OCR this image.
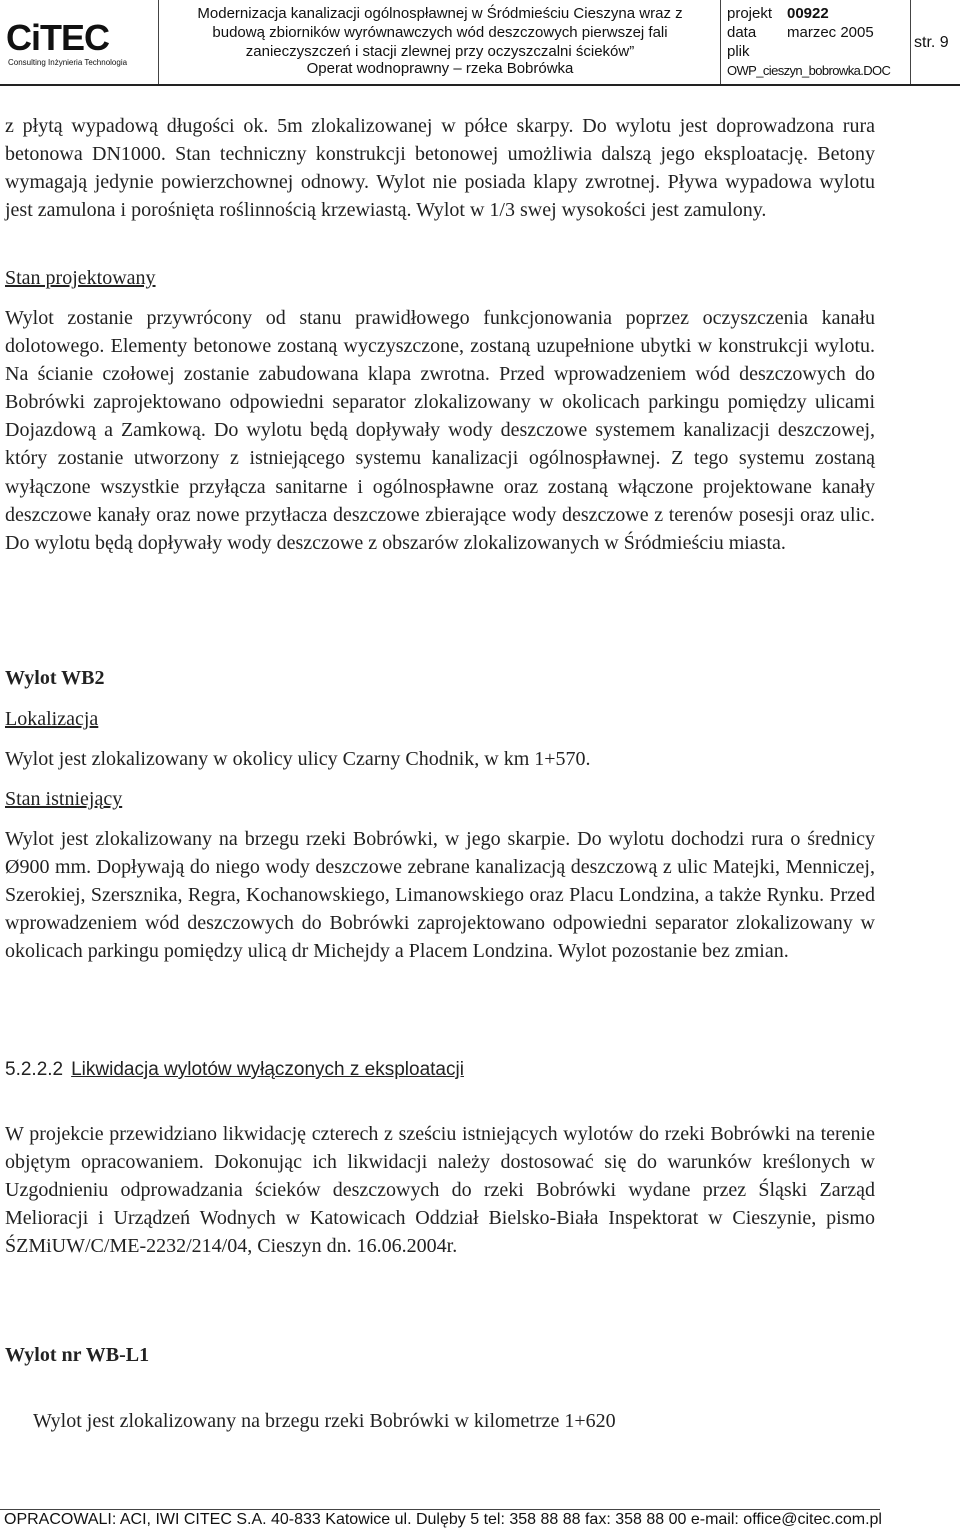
CiTEC
Consulting Inżynieria Technologia
Modernizacja kanalizacji ogólnospławnej w Śródmieściu Cieszyna wraz z budową zbiorników wyrównawczych wód deszczowych pierwszej fali zanieczyszczeń i stacji zlewnej przy oczyszczalni ścieków”
Operat wodnoprawny – rzeka Bobrówka
projekt 00922
data marzec 2005
plik
OWP_cieszyn_bobrowka.DOC
str. 9
z płytą wypadową długości ok. 5m zlokalizowanej w półce skarpy. Do wylotu jest doprowadzona rura betonowa DN1000. Stan techniczny konstrukcji betonowej umożliwia dalszą jego eksploatację. Betony wymagają jedynie powierzchownej odnowy. Wylot nie posiada klapy zwrotnej. Pływa wypadowa wylotu jest zamulona i porośnięta roślinnością krzewiastą. Wylot w 1/3 swej wysokości jest zamulony.
Stan projektowany
Wylot zostanie przywrócony od stanu prawidłowego funkcjonowania poprzez oczyszczenia kanału dolotowego. Elementy betonowe zostaną wyczyszczone, zostaną uzupełnione ubytki w konstrukcji wylotu. Na ścianie czołowej zostanie zabudowana klapa zwrotna. Przed wprowadzeniem wód deszczowych do Bobrówki zaprojektowano odpowiedni separator zlokalizowany w okolicach parkingu pomiędzy ulicami Dojazdową a Zamkową. Do wylotu będą dopływały wody deszczowe systemem kanalizacji deszczowej, który zostanie utworzony z istniejącego systemu kanalizacji ogólnospławnej. Z tego systemu zostaną wyłączone wszystkie przyłącza sanitarne i ogólnospławne oraz zostaną włączone projektowane kanały deszczowe kanały oraz nowe przytłacza deszczowe zbierające wody deszczowe z terenów posesji oraz ulic. Do wylotu będą dopływały wody deszczowe z obszarów zlokalizowanych w Śródmieściu miasta.
Wylot WB2
Lokalizacja
Wylot jest zlokalizowany w okolicy ulicy Czarny Chodnik, w km 1+570.
Stan istniejący
Wylot jest zlokalizowany na brzegu rzeki Bobrówki, w jego skarpie. Do wylotu dochodzi rura o średnicy Ø900 mm. Dopływają do niego wody deszczowe zebrane kanalizacją deszczową z ulic Matejki, Menniczej, Szerokiej, Szersznika, Regra, Kochanowskiego, Limanowskiego oraz Placu Londzina, a także Rynku. Przed wprowadzeniem wód deszczowych do Bobrówki zaprojektowano odpowiedni separator zlokalizowany w okolicach parkingu pomiędzy ulicą dr Michejdy a Placem Londzina. Wylot pozostanie bez zmian.
5.2.2.2 Likwidacja wylotów wyłączonych z eksploatacji
W projekcie przewidziano likwidację czterech z sześciu istniejących wylotów do rzeki Bobrówki na terenie objętym opracowaniem. Dokonując ich likwidacji należy dostosować się do warunków kreślonych w Uzgodnieniu odprowadzania ścieków deszczowych do rzeki Bobrówki wydane przez Śląski Zarząd Melioracji i Urządzeń Wodnych w Katowicach Oddział Bielsko-Biała Inspektorat w Cieszynie, pismo ŚZMiUW/C/ME-2232/214/04, Cieszyn dn. 16.06.2004r.
Wylot nr WB-L1
Wylot jest zlokalizowany na brzegu rzeki Bobrówki w kilometrze 1+620
OPRACOWALI: ACI, IWI CITEC S.A. 40-833 Katowice ul. Dulęby 5 tel: 358 88 88 fax: 358 88 00 e-mail: office@citec.com.pl
